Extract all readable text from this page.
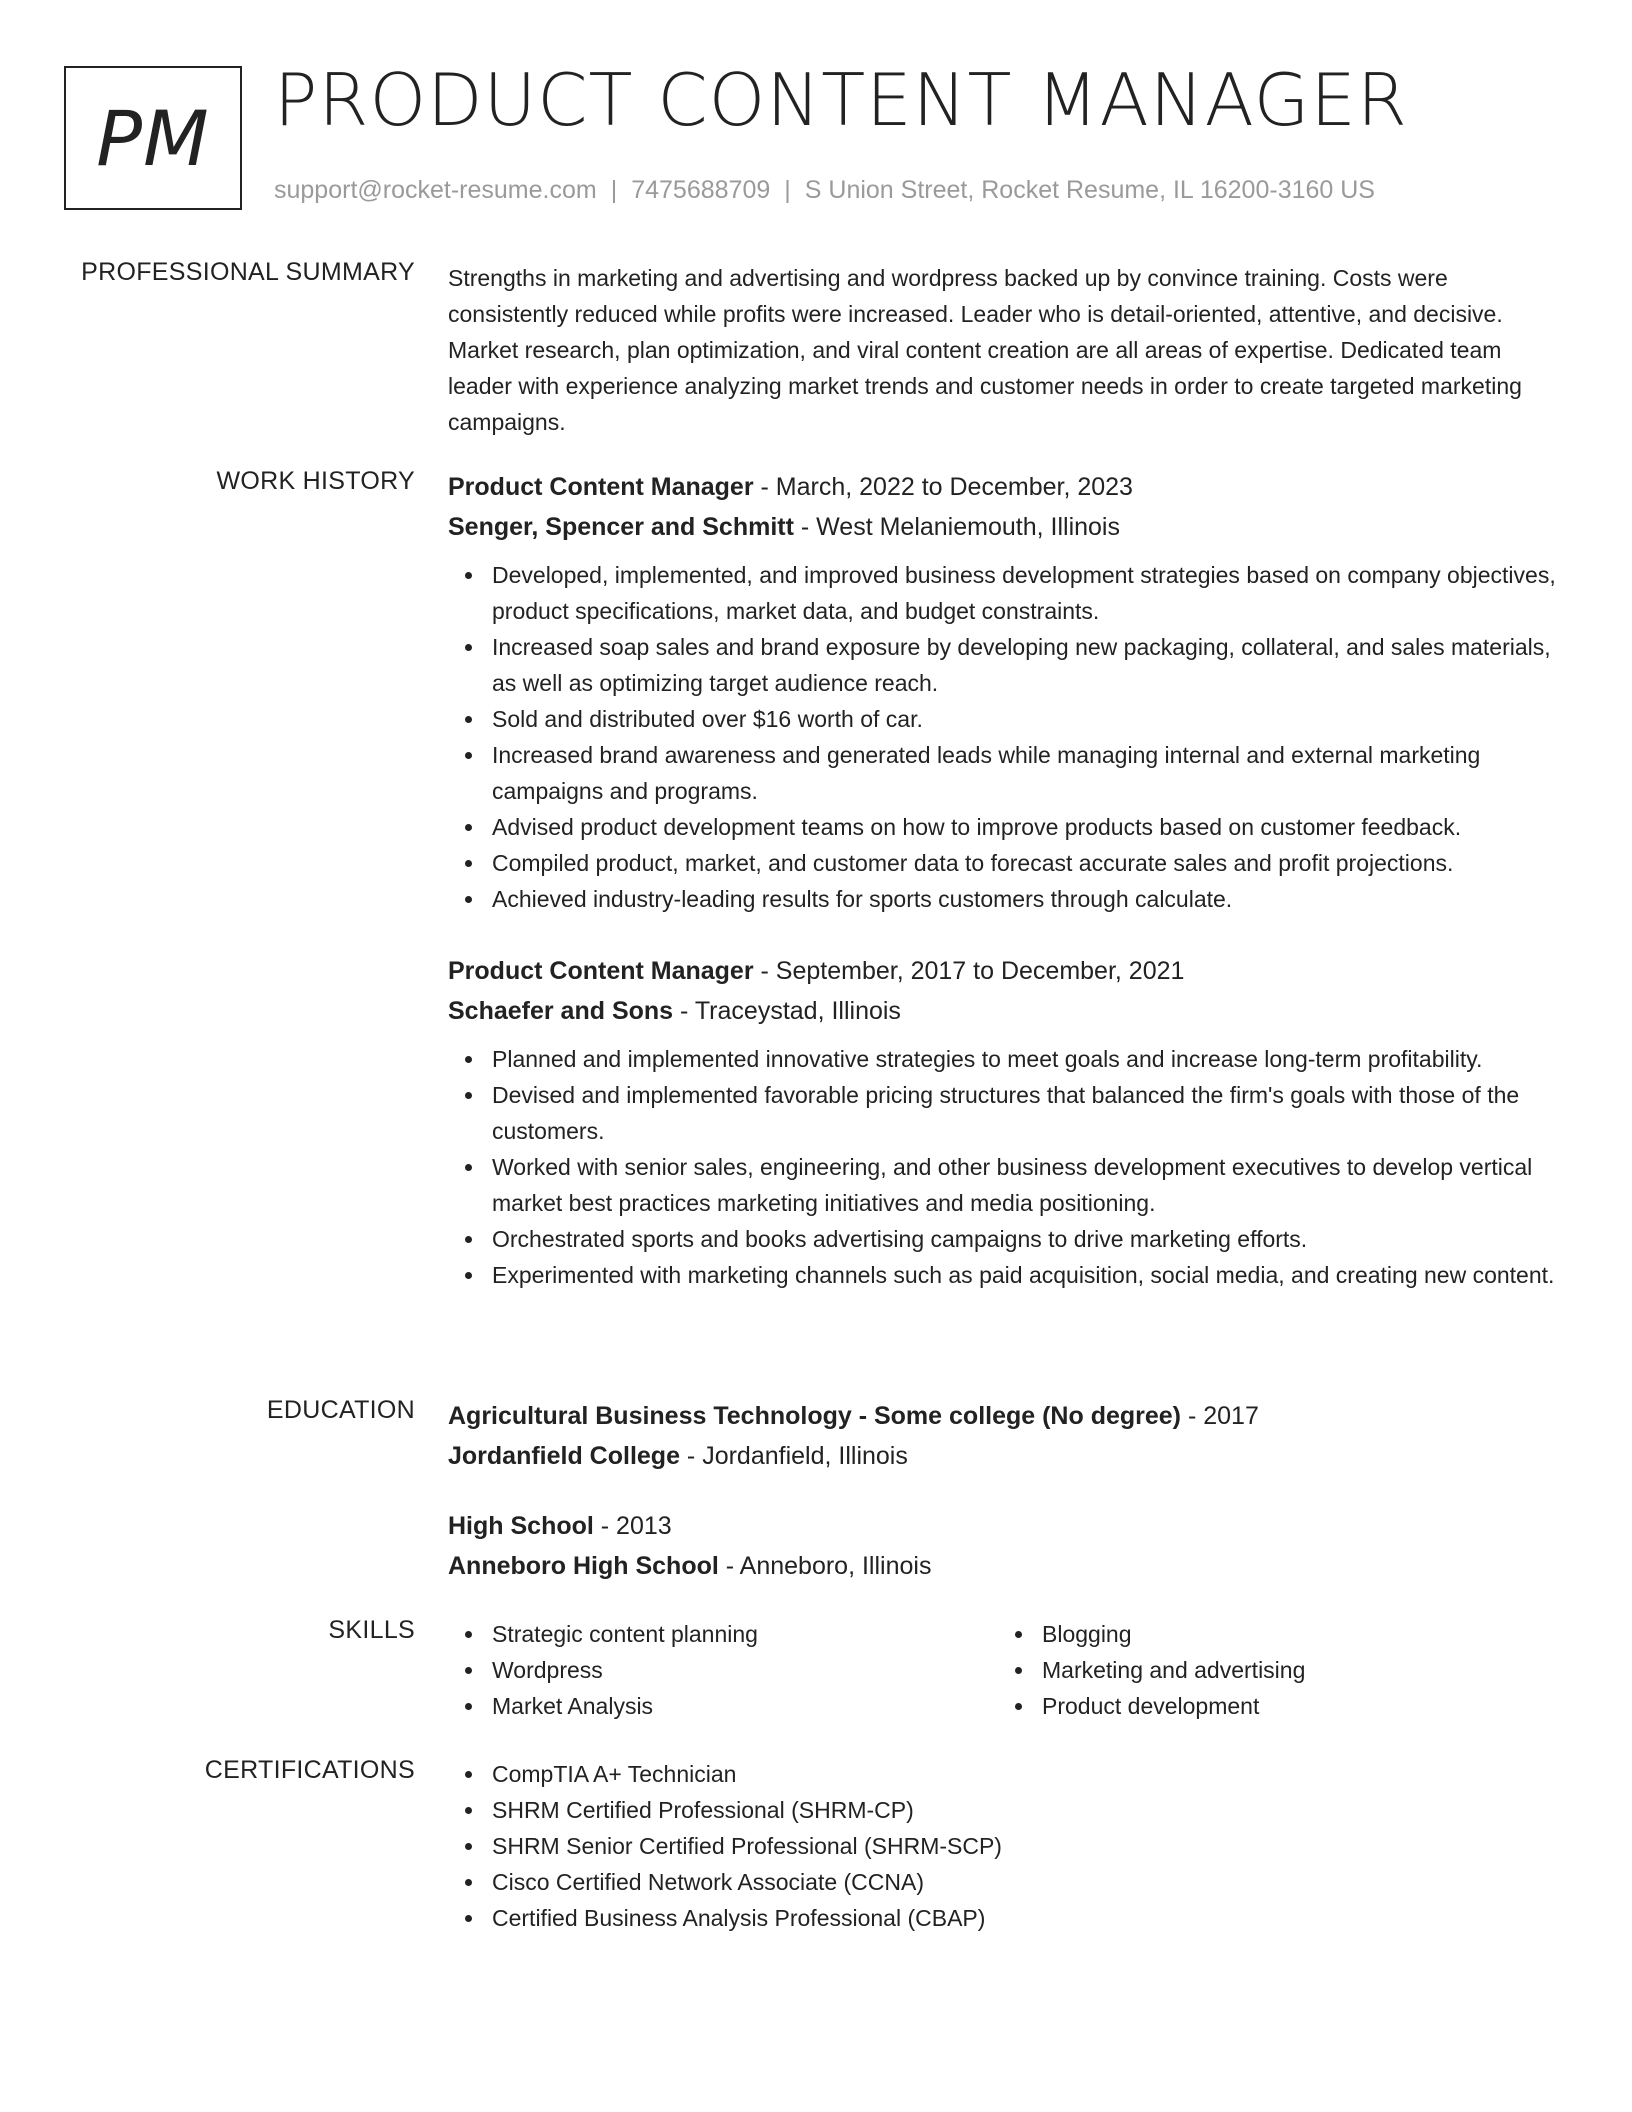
PM PRODUCT CONTENT MANAGER
support@rocket-resume.com | 7475688709 | S Union Street, Rocket Resume, IL 16200-3160 US
PROFESSIONAL SUMMARY Strengths in marketing and advertising and wordpress backed up by convince training. Costs were consistently reduced while profits were increased. Leader who is detail-oriented, attentive, and decisive. Market research, plan optimization, and viral content creation are all areas of expertise. Dedicated team leader with experience analyzing market trends and customer needs in order to create targeted marketing campaigns.
WORK HISTORY Product Content Manager - March, 2022 to December, 2023
Senger, Spencer and Schmitt - West Melaniemouth, Illinois
Developed, implemented, and improved business development strategies based on company objectives, product specifications, market data, and budget constraints.
Increased soap sales and brand exposure by developing new packaging, collateral, and sales materials, as well as optimizing target audience reach.
Sold and distributed over $16 worth of car.
Increased brand awareness and generated leads while managing internal and external marketing campaigns and programs.
Advised product development teams on how to improve products based on customer feedback.
Compiled product, market, and customer data to forecast accurate sales and profit projections.
Achieved industry-leading results for sports customers through calculate.
Product Content Manager - September, 2017 to December, 2021
Schaefer and Sons - Traceystad, Illinois
Planned and implemented innovative strategies to meet goals and increase long-term profitability.
Devised and implemented favorable pricing structures that balanced the firm's goals with those of the customers.
Worked with senior sales, engineering, and other business development executives to develop vertical market best practices marketing initiatives and media positioning.
Orchestrated sports and books advertising campaigns to drive marketing efforts.
Experimented with marketing channels such as paid acquisition, social media, and creating new content.
EDUCATION Agricultural Business Technology - Some college (No degree) - 2017
Jordanfield College - Jordanfield, Illinois
High School - 2013
Anneboro High School - Anneboro, Illinois
SKILLS	Strategic content planning
Wordpress
Market Analysis
Blogging
Marketing and advertising
Product development
CERTIFICATIONS	CompTIA A+ Technician
SHRM Certified Professional (SHRM-CP)
SHRM Senior Certified Professional (SHRM-SCP)
Cisco Certified Network Associate (CCNA)
Certified Business Analysis Professional (CBAP)
